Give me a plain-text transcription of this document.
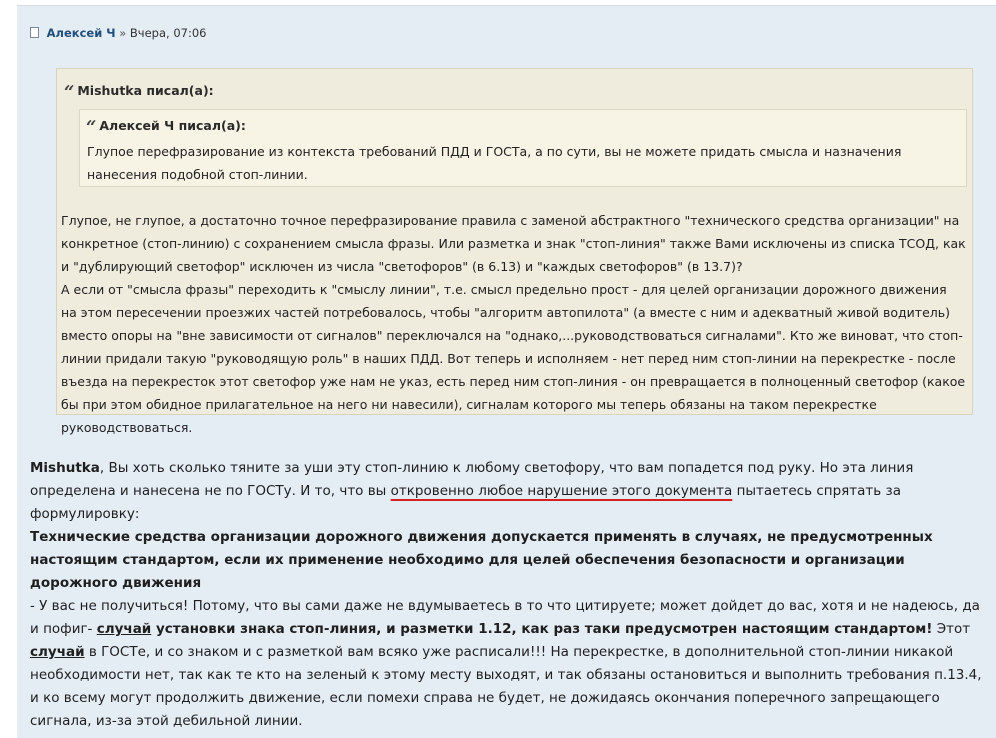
Алексей Ч » Вчера, 07:06
“ Mishutka писал(а):
“ Алексей Ч писал(а):
Глупое перефразирование из контекста требований ПДД и ГОСТа, а по сути, вы не можете придать смысла и назначения нанесения подобной стоп-линии.

Глупое, не глупое, а достаточно точное перефразирование правила с заменой абстрактного "технического средства организации" на конкретное (стоп-линию) с сохранением смысла фразы. Или разметка и знак "стоп-линия" также Вами исключены из списка ТСОД, как и "дублирующий светофор" исключен из числа "светофоров" (в 6.13) и "каждых светофоров" (в 13.7)?

А если от "смысла фразы" переходить к "смыслу линии", т.е. смысл предельно прост - для целей организации дорожного движения на этом пересечении проезжих частей потребовалось, чтобы "алгоритм автопилота" (а вместе с ним и адекватный живой водитель) вместо опоры на "вне зависимости от сигналов" переключался на "однако,...руководствоваться сигналами". Кто же виноват, что стоп-линии придали такую "руководящую роль" в наших ПДД. Вот теперь и исполняем - нет перед ним стоп-линии на перекрестке - после въезда на перекресток этот светофор уже нам не указ, есть перед ним стоп-линия - он превращается в полноценный светофор (какое бы при этом обидное прилагательное на него ни навесили), сигналам которого мы теперь обязаны на таком перекрестке руководствоваться.

Mishutka, Вы хоть сколько тяните за уши эту стоп-линию к любому светофору, что вам попадется под руку. Но эта линия определена и нанесена не по ГОСТу. И то, что вы откровенно любое нарушение этого документа пытаетесь спрятать за формулировку:

Технические средства организации дорожного движения допускается применять в случаях, не предусмотренных настоящим стандартом, если их применение необходимо для целей обеспечения безопасности и организации дорожного движения

- У вас не получиться! Потому, что вы сами даже не вдумываетесь в то что цитируете; может дойдет до вас, хотя и не надеюсь, да и пофиг- случай установки знака стоп-линия, и разметки 1.12, как раз таки предусмотрен настоящим стандартом! Этот случай в ГОСТе, и со знаком и с разметкой вам всяко уже расписали!!! На перекрестке, в дополнительной стоп-линии никакой необходимости нет, так как те кто на зеленый к этому месту выходят, и так обязаны остановиться и выполнить требования п.13.4, и ко всему могут продолжить движение, если помехи справа не будет, не дожидаясь окончания поперечного запрещающего сигнала, из-за этой дебильной линии.
